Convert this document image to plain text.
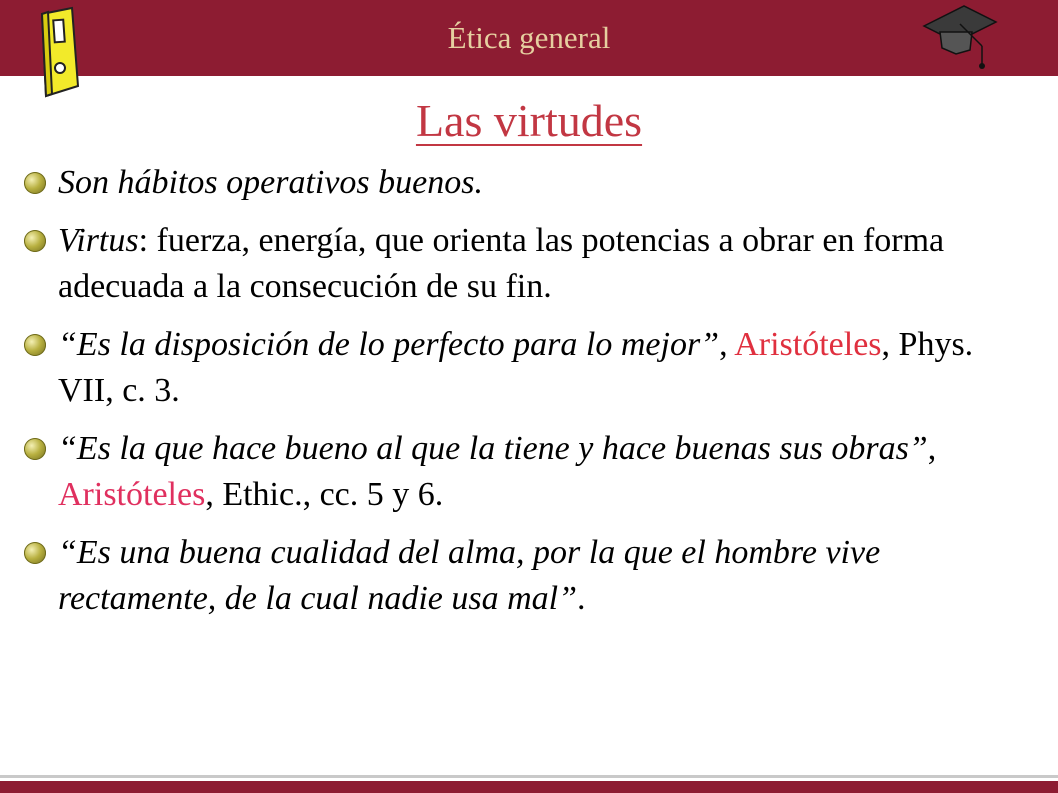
Ética general
Las virtudes
Son hábitos operativos buenos.
Virtus: fuerza, energía, que orienta las potencias a obrar en forma adecuada a la consecución de su fin.
“Es la disposición de lo perfecto para lo mejor”, Aristóteles, Phys. VII, c. 3.
“Es la que hace bueno al que la tiene y hace buenas sus obras”, Aristóteles, Ethic., cc. 5 y 6.
“Es una buena cualidad del alma, por la que el hombre vive rectamente, de la cual nadie usa mal”.
